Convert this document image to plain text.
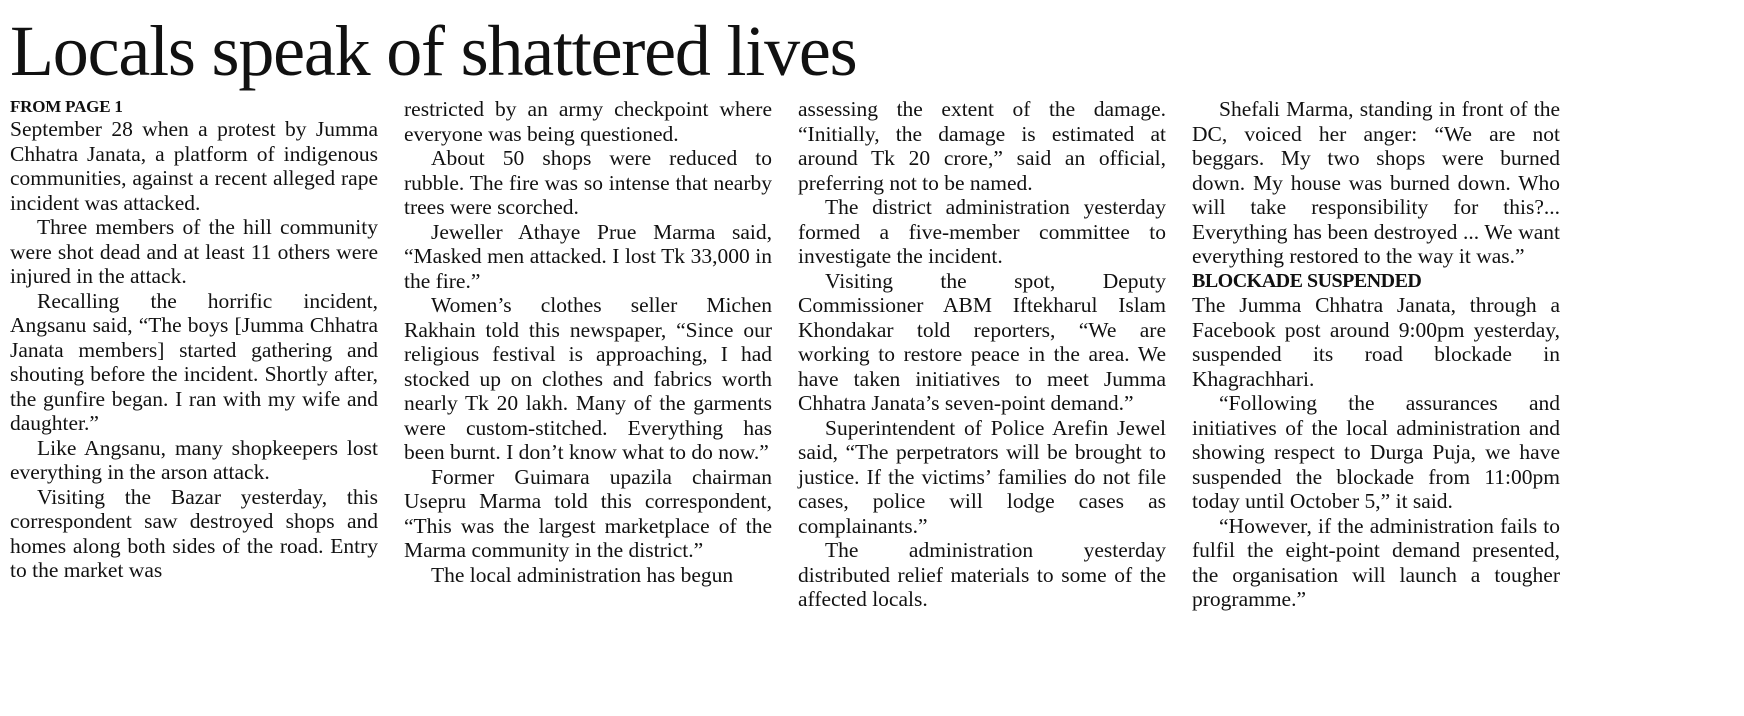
Locals speak of shattered lives
FROM PAGE 1

September 28 when a protest by Jumma Chhatra Janata, a platform of indigenous communities, against a recent alleged rape incident was attacked.

Three members of the hill community were shot dead and at least 11 others were injured in the attack.

Recalling the horrific incident, Angsanu said, “The boys [Jumma Chhatra Janata members] started gathering and shouting before the incident. Shortly after, the gunfire began. I ran with my wife and daughter.”

Like Angsanu, many shopkeepers lost everything in the arson attack.

Visiting the Bazar yesterday, this correspondent saw destroyed shops and homes along both sides of the road. Entry to the market was

restricted by an army checkpoint where everyone was being questioned.

About 50 shops were reduced to rubble. The fire was so intense that nearby trees were scorched.

Jeweller Athaye Prue Marma said, “Masked men attacked. I lost Tk 33,000 in the fire.”

Women’s clothes seller Michen Rakhain told this newspaper, “Since our religious festival is approaching, I had stocked up on clothes and fabrics worth nearly Tk 20 lakh. Many of the garments were custom-stitched. Everything has been burnt. I don’t know what to do now.”

Former Guimara upazila chairman Usepru Marma told this correspondent, “This was the largest marketplace of the Marma community in the district.”

The local administration has begun

assessing the extent of the damage. “Initially, the damage is estimated at around Tk 20 crore,” said an official, preferring not to be named.

The district administration yesterday formed a five-member committee to investigate the incident.

Visiting the spot, Deputy Commissioner ABM Iftekharul Islam Khondakar told reporters, “We are working to restore peace in the area. We have taken initiatives to meet Jumma Chhatra Janata’s seven-point demand.”

Superintendent of Police Arefin Jewel said, “The perpetrators will be brought to justice. If the victims’ families do not file cases, police will lodge cases as complainants.”

The administration yesterday distributed relief materials to some of the affected locals.

Shefali Marma, standing in front of the DC, voiced her anger: “We are not beggars. My two shops were burned down. My house was burned down. Who will take responsibility for this?... Everything has been destroyed ... We want everything restored to the way it was.”

BLOCKADE SUSPENDED

The Jumma Chhatra Janata, through a Facebook post around 9:00pm yesterday, suspended its road blockade in Khagrachhari.

“Following the assurances and initiatives of the local administration and showing respect to Durga Puja, we have suspended the blockade from 11:00pm today until October 5,” it said.

“However, if the administration fails to fulfil the eight-point demand presented, the organisation will launch a tougher programme.”
